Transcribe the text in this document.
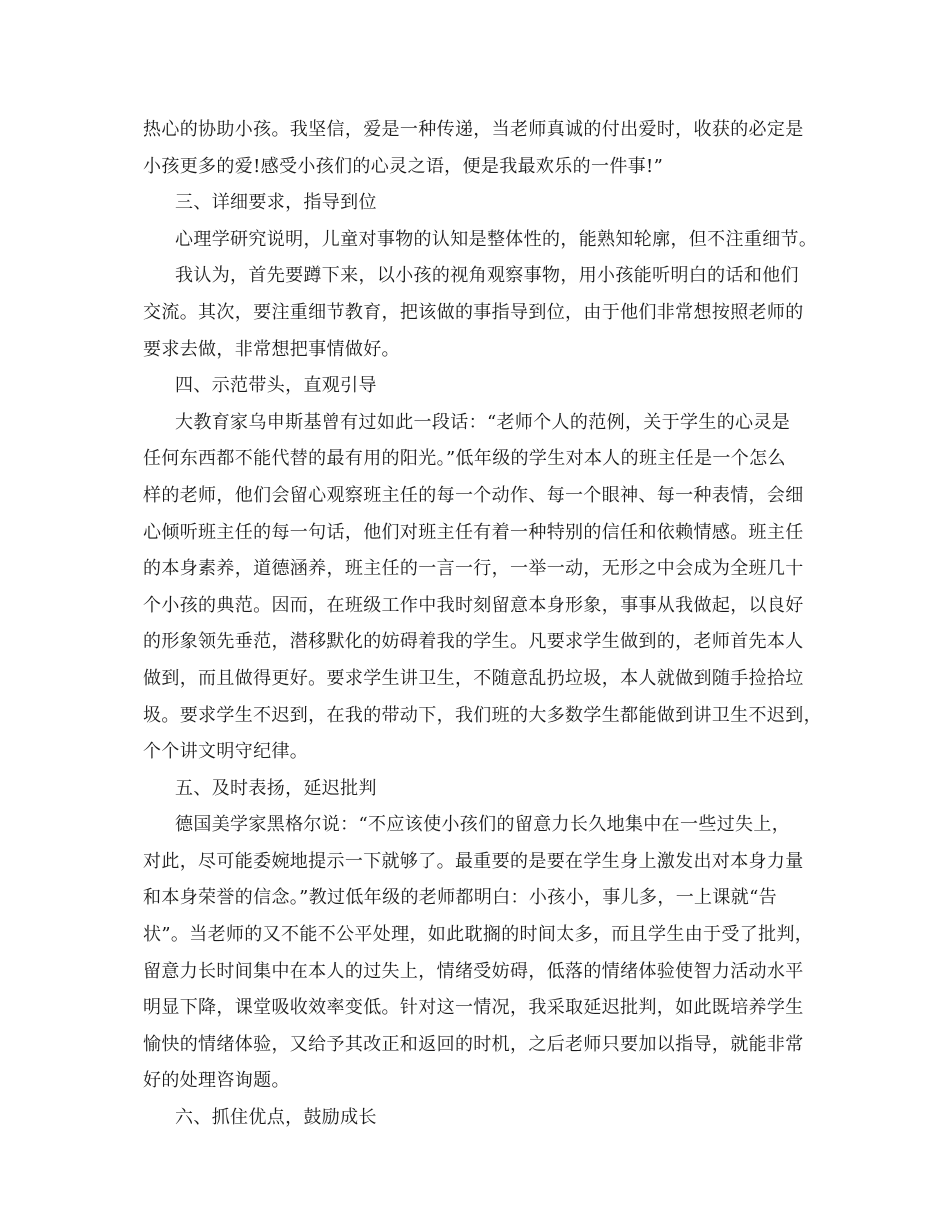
热心的协助小孩。我坚信，爱是一种传递，当老师真诚的付出爱时，收获的必定是
小孩更多的爱!感受小孩们的心灵之语，便是我最欢乐的一件事!”
三、详细要求，指导到位
心理学研究说明，儿童对事物的认知是整体性的，能熟知轮廓，但不注重细节。
我认为，首先要蹲下来，以小孩的视角观察事物，用小孩能听明白的话和他们
交流。其次，要注重细节教育，把该做的事指导到位，由于他们非常想按照老师的
要求去做，非常想把事情做好。
四、示范带头，直观引导
大教育家乌申斯基曾有过如此一段话：“老师个人的范例，关于学生的心灵是
任何东西都不能代替的最有用的阳光。”低年级的学生对本人的班主任是一个怎么
样的老师，他们会留心观察班主任的每一个动作、每一个眼神、每一种表情，会细
心倾听班主任的每一句话，他们对班主任有着一种特别的信任和依赖情感。班主任
的本身素养，道德涵养，班主任的一言一行，一举一动，无形之中会成为全班几十
个小孩的典范。因而，在班级工作中我时刻留意本身形象，事事从我做起，以良好
的形象领先垂范，潜移默化的妨碍着我的学生。凡要求学生做到的，老师首先本人
做到，而且做得更好。要求学生讲卫生，不随意乱扔垃圾，本人就做到随手捡拾垃
圾。要求学生不迟到，在我的带动下，我们班的大多数学生都能做到讲卫生不迟到，
个个讲文明守纪律。
五、及时表扬，延迟批判
德国美学家黑格尔说：“不应该使小孩们的留意力长久地集中在一些过失上，
对此，尽可能委婉地提示一下就够了。最重要的是要在学生身上激发出对本身力量
和本身荣誉的信念。”教过低年级的老师都明白：小孩小，事儿多，一上课就“告
状”。当老师的又不能不公平处理，如此耽搁的时间太多，而且学生由于受了批判，
留意力长时间集中在本人的过失上，情绪受妨碍，低落的情绪体验使智力活动水平
明显下降，课堂吸收效率变低。针对这一情况，我采取延迟批判，如此既培养学生
愉快的情绪体验，又给予其改正和返回的时机，之后老师只要加以指导，就能非常
好的处理咨询题。
六、抓住优点，鼓励成长
